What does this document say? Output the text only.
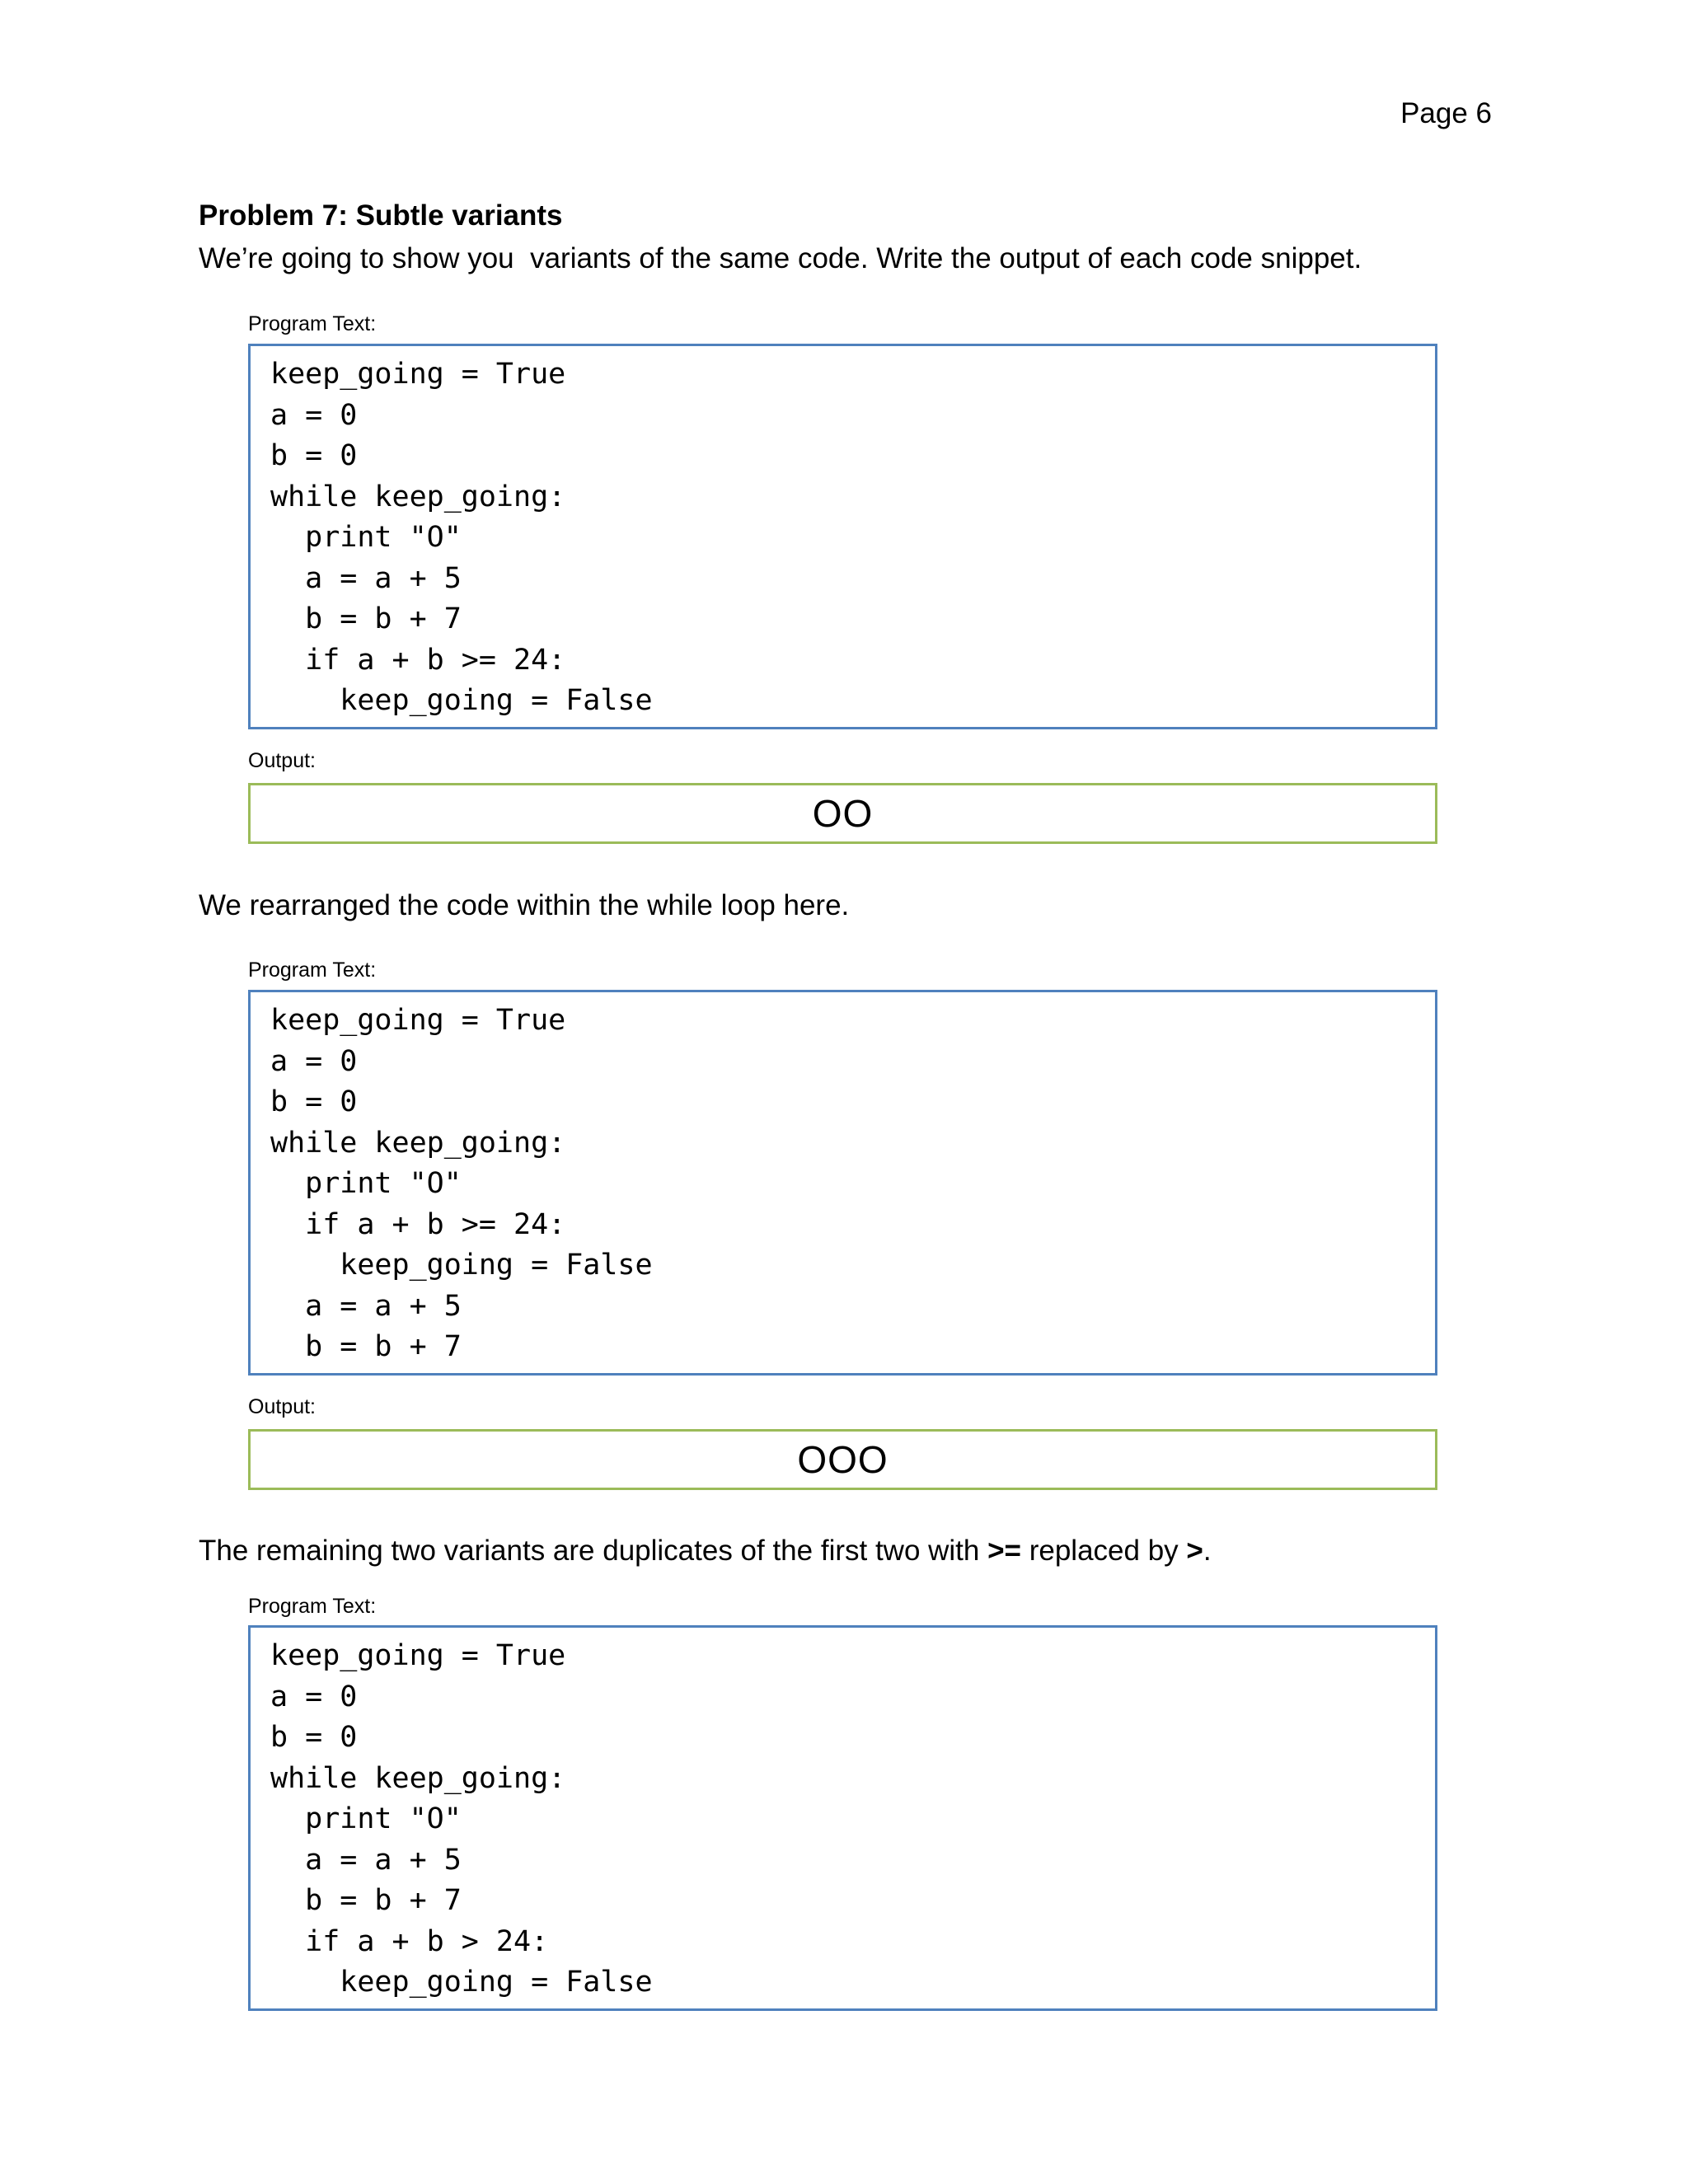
Page 6
Problem 7: Subtle variants
We’re going to show you  variants of the same code. Write the output of each code snippet.
Program Text:
keep_going = True
a = 0
b = 0
while keep_going:
print "O"
a = a + 5
b = b + 7
if a + b >= 24:
keep_going = False
Output:
OO
We rearranged the code within the while loop here.
Program Text:
keep_going = True
a = 0
b = 0
while keep_going:
print "O"
if a + b >= 24:
keep_going = False
a = a + 5
b = b + 7
Output:
OOO
The remaining two variants are duplicates of the first two with >= replaced by >.
Program Text:
keep_going = True
a = 0
b = 0
while keep_going:
print "O"
a = a + 5
b = b + 7
if a + b > 24:
keep_going = False
